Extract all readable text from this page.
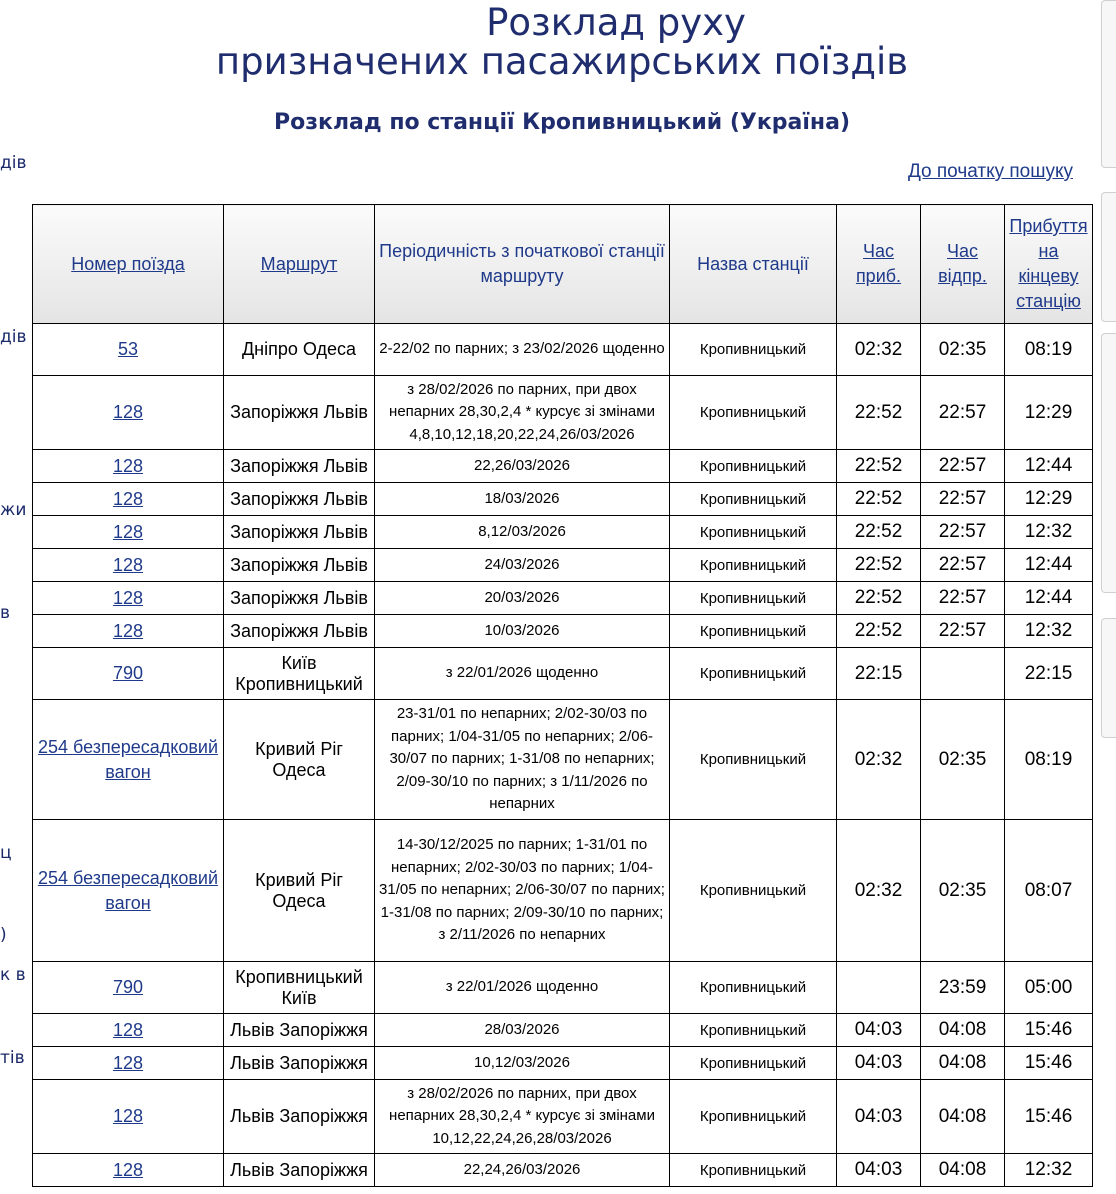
дів
дів
жи
в
ц
)
к в
тів
Розклад руху
призначених пасажирських поїздів
Розклад по станції Кропивницький (Україна)
До початку пошуку
Номер поїзда	Маршрут	Періодичність з початкової станції маршруту	Назва станції	Час приб.	Час відпр.	Прибуття на кінцеву станцію
53	Дніпро Одеса	2-22/02 по парних; з 23/02/2026 щоденно	Кропивницький	02:32	02:35	08:19
128	Запоріжжя Львів	з 28/02/2026 по парних, при двох непарних 28,30,2,4 * курсує зі змінами 4,8,10,12,18,20,22,24,26/03/2026	Кропивницький	22:52	22:57	12:29
128	Запоріжжя Львів	22,26/03/2026	Кропивницький	22:52	22:57	12:44
128	Запоріжжя Львів	18/03/2026	Кропивницький	22:52	22:57	12:29
128	Запоріжжя Львів	8,12/03/2026	Кропивницький	22:52	22:57	12:32
128	Запоріжжя Львів	24/03/2026	Кропивницький	22:52	22:57	12:44
128	Запоріжжя Львів	20/03/2026	Кропивницький	22:52	22:57	12:44
128	Запоріжжя Львів	10/03/2026	Кропивницький	22:52	22:57	12:32
790	Київ Кропивницький	з 22/01/2026 щоденно	Кропивницький	22:15		22:15
254 безпересадковий вагон	Кривий Ріг Одеса	23-31/01 по непарних; 2/02-30/03 по парних; 1/04-31/05 по непарних; 2/06-30/07 по парних; 1-31/08 по непарних; 2/09-30/10 по парних; з 1/11/2026 по непарних	Кропивницький	02:32	02:35	08:19
254 безпересадковий вагон	Кривий Ріг Одеса	14-30/12/2025 по парних; 1-31/01 по непарних; 2/02-30/03 по парних; 1/04-31/05 по непарних; 2/06-30/07 по парних; 1-31/08 по парних; 2/09-30/10 по парних; з 2/11/2026 по непарних	Кропивницький	02:32	02:35	08:07
790	Кропивницький Київ	з 22/01/2026 щоденно	Кропивницький		23:59	05:00
128	Львів Запоріжжя	28/03/2026	Кропивницький	04:03	04:08	15:46
128	Львів Запоріжжя	10,12/03/2026	Кропивницький	04:03	04:08	15:46
128	Львів Запоріжжя	з 28/02/2026 по парних, при двох непарних 28,30,2,4 * курсує зі змінами 10,12,22,24,26,28/03/2026	Кропивницький	04:03	04:08	15:46
128	Львів Запоріжжя	22,24,26/03/2026	Кропивницький	04:03	04:08	12:32
